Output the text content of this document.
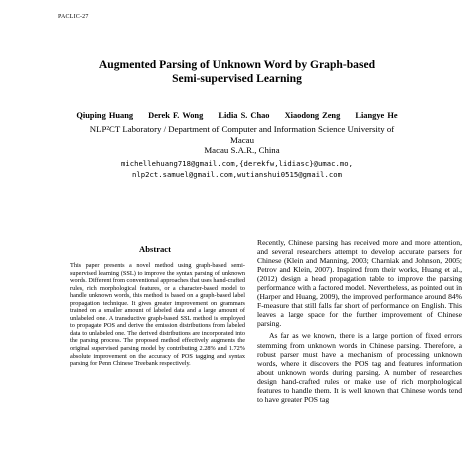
PACLIC-27
Augmented Parsing of Unknown Word by Graph-based
Semi-supervised Learning
Qiuping Huang Derek F. Wong Lidia S. Chao Xiaodong Zeng Liangye He
NLP²CT Laboratory / Department of Computer and Information Science University of
Macau
Macau S.A.R., China
michellehuang718@gmail.com,{derekfw,lidiasc}@umac.mo,
nlp2ct.samuel@gmail.com,wutianshui0515@gmail.com
Abstract
This paper presents a novel method using graph-based semi-supervised learning (SSL) to improve the syntax parsing of unknown words. Different from conventional approaches that uses hand-crafted rules, rich morphological features, or a character-based model to handle unknown words, this method is based on a graph-based label propagation technique. It gives greater improvement on grammars trained on a smaller amount of labeled data and a large amount of unlabeled one. A transductive graph-based SSL method is employed to propagate POS and derive the emission distributions from labeled data to unlabeled one. The derived distributions are incorporated into the parsing process. The proposed method effectively augments the original supervised parsing model by contributing 2.28% and 1.72% absolute improvement on the accuracy of POS tagging and syntax parsing for Penn Chinese Treebank respectively.

Recently, Chinese parsing has received more and more attention, and several researchers attempt to develop accurate parsers for Chinese (Klein and Manning, 2003; Charniak and Johnson, 2005; Petrov and Klein, 2007). Inspired from their works, Huang et al., (2012) design a head propagation table to improve the parsing performance with a factored model. Nevertheless, as pointed out in (Harper and Huang, 2009), the improved performance around 84% F-measure that still falls far short of performance on English. This leaves a large space for the further improvement of Chinese parsing.

As far as we known, there is a large portion of fixed errors stemming from unknown words in Chinese parsing. Therefore, a robust parser must have a mechanism of processing unknown words, where it discovers the POS tag and features information about unknown words during parsing. A number of researches design hand-crafted rules or make use of rich morphological features to handle them. It is well known that Chinese words tend to have greater POS tag
